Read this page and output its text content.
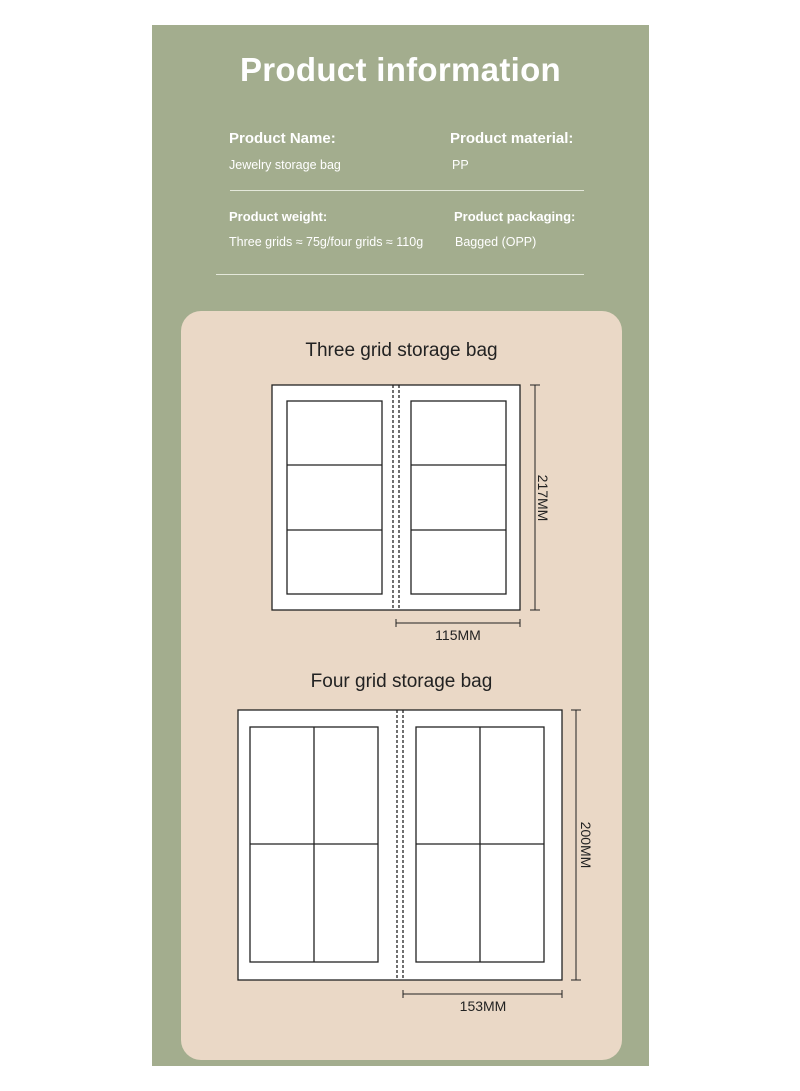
Product information
Product Name:
Jewelry storage bag
Product material:
PP
Product weight:
Three grids ≈ 75g/four grids ≈ 110g
Product packaging:
Bagged (OPP)
Three grid storage bag
Four grid storage bag
217MM
115MM
200MM
153MM
